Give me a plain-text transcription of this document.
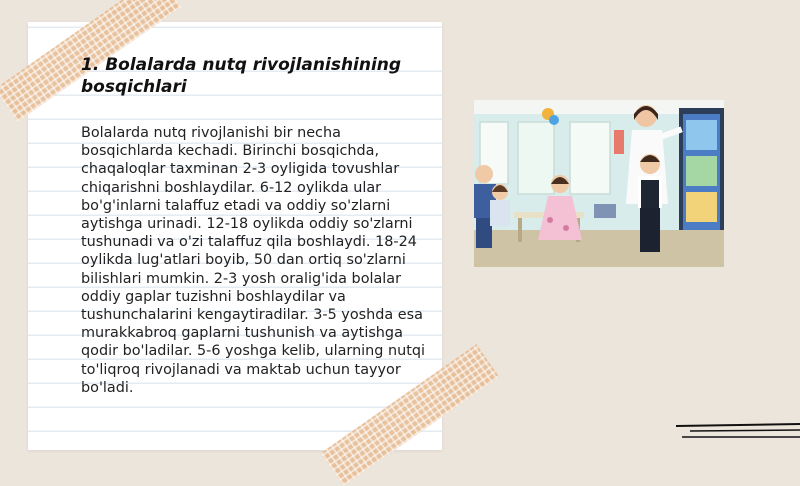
1. Bolalarda nutq rivojlanishining bosqichlari

Bolalarda nutq rivojlanishi bir necha bosqichlarda kechadi. Birinchi bosqichda, chaqaloqlar taxminan 2-3 oyligida tovushlar chiqarishni boshlaydilar. 6-12 oylikda ular bo'g'inlarni talaffuz etadi va oddiy so'zlarni aytishga urinadi. 12-18 oylikda oddiy so'zlarni tushunadi va o'zi talaffuz qila boshlaydi. 18-24 oylikda lug'atlari boyib, 50 dan ortiq so'zlarni bilishlari mumkin. 2-3 yosh oralig'ida bolalar oddiy gaplar tuzishni boshlaydilar va tushunchalarini kengaytiradilar. 3-5 yoshda esa murakkabroq gaplarni tushunish va aytishga qodir bo'ladilar. 5-6 yoshga kelib, ularning nutqi to'liqroq rivojlanadi va maktab uchun tayyor bo'ladi.
